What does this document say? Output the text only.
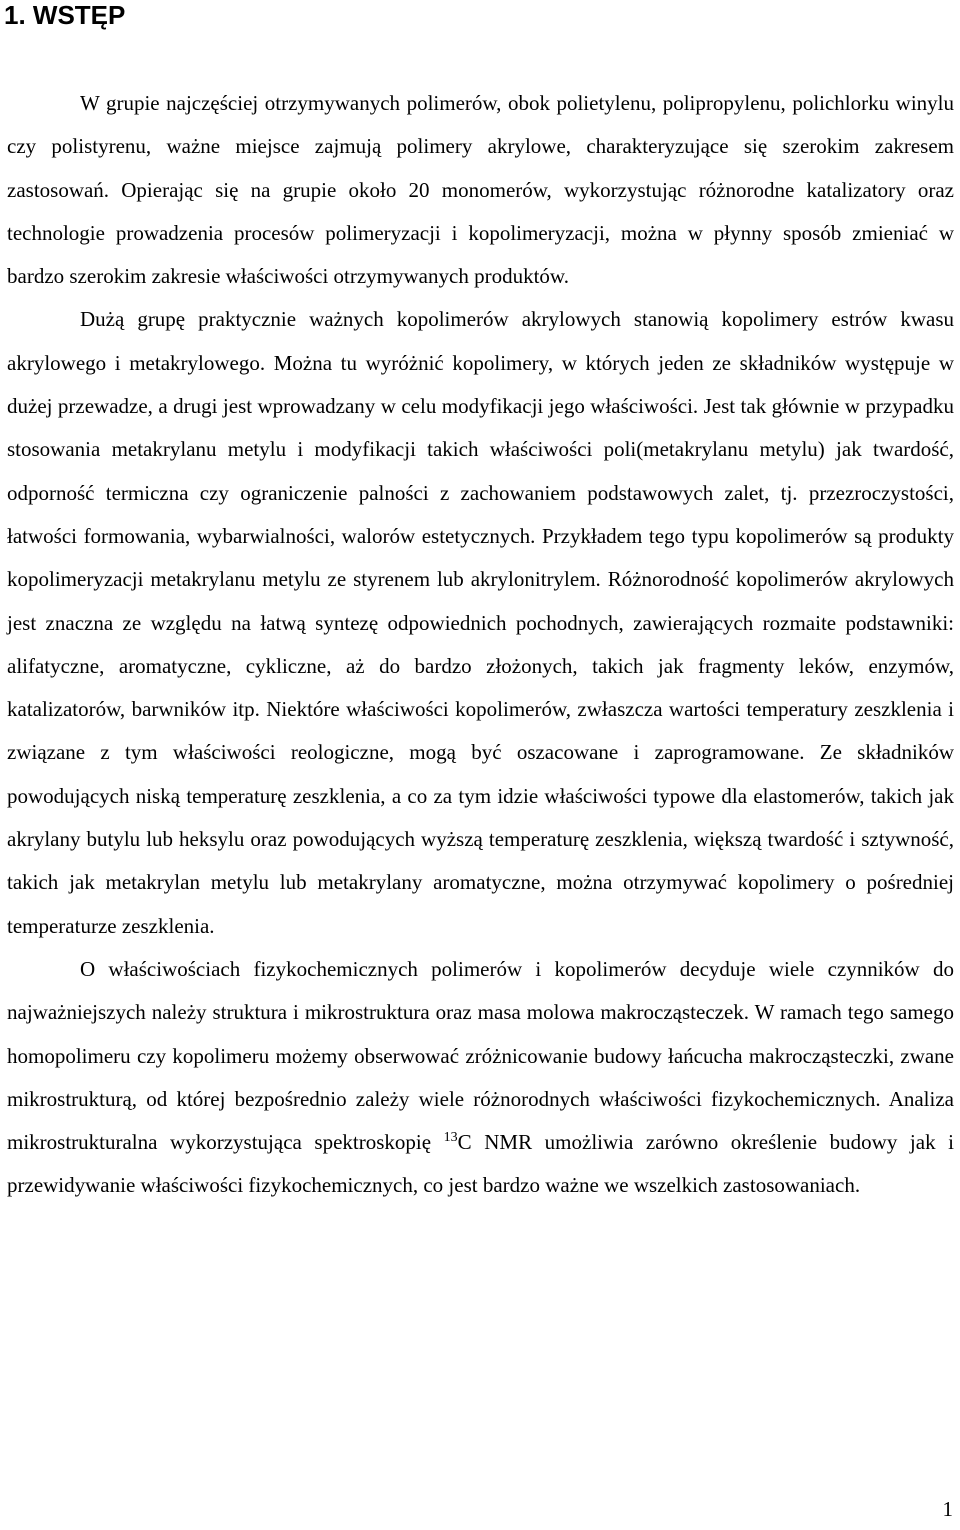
1. WSTĘP

W grupie najczęściej otrzymywanych polimerów, obok polietylenu, polipropylenu, polichlorku winylu czy polistyrenu, ważne miejsce zajmują polimery akrylowe, charakteryzujące się szerokim zakresem zastosowań. Opierając się na grupie około 20 monomerów, wykorzystując różnorodne katalizatory oraz technologie prowadzenia procesów polimeryzacji i kopolimeryzacji, można w płynny sposób zmieniać w bardzo szerokim zakresie właściwości otrzymywanych produktów.

Dużą grupę praktycznie ważnych kopolimerów akrylowych stanowią kopolimery estrów kwasu akrylowego i metakrylowego. Można tu wyróżnić kopolimery, w których jeden ze składników występuje w dużej przewadze, a drugi jest wprowadzany w celu modyfikacji jego właściwości. Jest tak głównie w przypadku stosowania metakrylanu metylu i modyfikacji takich właściwości poli(metakrylanu metylu) jak twardość, odporność termiczna czy ograniczenie palności z zachowaniem podstawowych zalet, tj. przezroczystości, łatwości formowania, wybarwialności, walorów estetycznych. Przykładem tego typu kopolimerów są produkty kopolimeryzacji metakrylanu metylu ze styrenem lub akrylonitrylem. Różnorodność kopolimerów akrylowych jest znaczna ze względu na łatwą syntezę odpowiednich pochodnych, zawierających rozmaite podstawniki: alifatyczne, aromatyczne, cykliczne, aż do bardzo złożonych, takich jak fragmenty leków, enzymów, katalizatorów, barwników itp. Niektóre właściwości kopolimerów, zwłaszcza wartości temperatury zeszklenia i związane z tym właściwości reologiczne, mogą być oszacowane i zaprogramowane. Ze składników powodujących niską temperaturę zeszklenia, a co za tym idzie właściwości typowe dla elastomerów, takich jak akrylany butylu lub heksylu oraz powodujących wyższą temperaturę zeszklenia, większą twardość i sztywność, takich jak metakrylan metylu lub metakrylany aromatyczne, można otrzymywać kopolimery o pośredniej temperaturze zeszklenia.

O właściwościach fizykochemicznych polimerów i kopolimerów decyduje wiele czynników do najważniejszych należy struktura i mikrostruktura oraz masa molowa makrocząsteczek. W ramach tego samego homopolimeru czy kopolimeru możemy obserwować zróżnicowanie budowy łańcucha makrocząsteczki, zwane mikrostrukturą, od której bezpośrednio zależy wiele różnorodnych właściwości fizykochemicznych. Analiza mikrostrukturalna wykorzystująca spektroskopię $^{13}$C NMR umożliwia zarówno określenie budowy jak i przewidywanie właściwości fizykochemicznych, co jest bardzo ważne we wszelkich zastosowaniach.

1
